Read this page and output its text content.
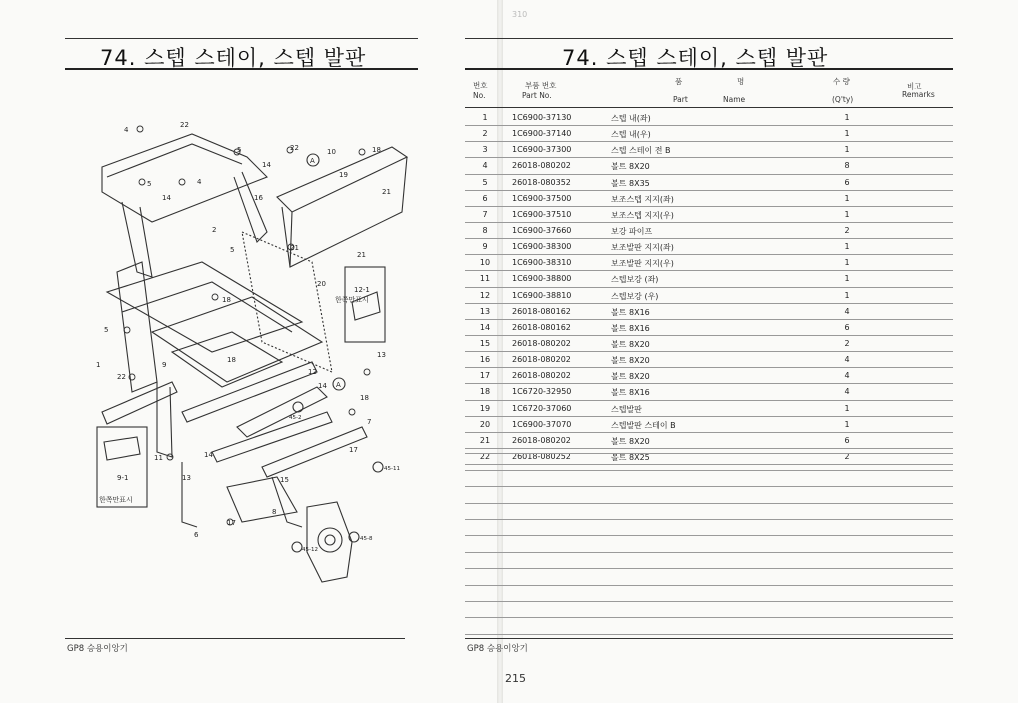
310
74. 스텝 스테이, 스텝 발판	74. 스텝 스테이, 스텝 발판
22
4
5	22	10	18
14
5	4
14	16
19
21
2
5	21
21
20
18
12-1
5
1
18
13
9
22
12
14
18
7
17
11	14
13
9-1	15
8
17
6
한쪽만표시
한쪽만표시
A
A
45-2
45-11
45-12
45-8
번호
No.
부품 번호
Part No.
품	명
Part	Name
수 량
(Q'ty)
비고
Remarks
1	1C6900-37130	스텝 내(좌)	1
2	1C6900-37140	스텝 내(우)	1
3	1C6900-37300	스텝 스테이 전 B	1
4	26018-080202	볼트 8X20	8
5	26018-080352	볼트 8X35	6
6	1C6900-37500	보조스텝 지지(좌)	1
7	1C6900-37510	보조스텝 지지(우)	1
8	1C6900-37660	보강 파이프	2
9	1C6900-38300	보조발판 지지(좌)	1
10	1C6900-38310	보조발판 지지(우)	1
11	1C6900-38800	스텝보강 (좌)	1
12	1C6900-38810	스텝보강 (우)	1
13	26018-080162	볼트 8X16	4
14	26018-080162	볼트 8X16	6
15	26018-080202	볼트 8X20	2
16	26018-080202	볼트 8X20	4
17	26018-080202	볼트 8X20	4
18	1C6720-32950	볼트 8X16	4
19	1C6720-37060	스텝발판	1
20	1C6900-37070	스텝발판 스테이 B	1
21	26018-080202	볼트 8X20	6
22	26018-080252	볼트 8X25	2
GP8 승용이앙기	GP8 승용이앙기
215
